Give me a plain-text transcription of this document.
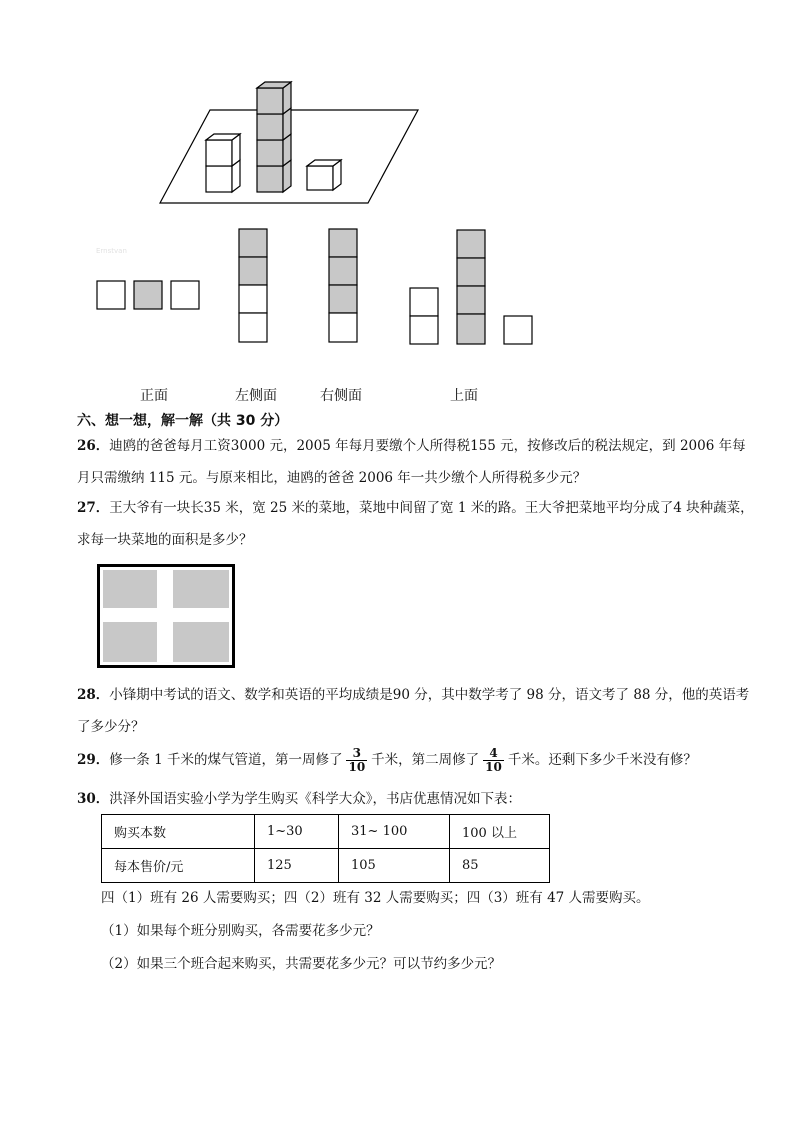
Ernstvan
正面	左侧面	右侧面	上面
六、想一想，解一解（共 30 分）
26．迪鸥的爸爸每月工资3000 元，2005 年每月要缴个人所得税155 元，按修改后的税法规定，到 2006 年每月只需缴纳 115 元。与原来相比，迪鸥的爸爸 2006 年一共少缴个人所得税多少元？
27．王大爷有一块长35 米，宽 25 米的菜地，菜地中间留了宽 1 米的路。王大爷把菜地平均分成了4 块种蔬菜，求每一块菜地的面积是多少？
28．小锋期中考试的语文、数学和英语的平均成绩是90 分，其中数学考了 98 分，语文考了 88 分，他的英语考了多少分？
29．修一条 1 千米的煤气管道，第一周修了 $\frac{3}{10}$ 千米，第二周修了 $\frac{4}{10}$ 千米。还剩下多少千米没有修？
30．洪泽外国语实验小学为学生购买《科学大众》，书店优惠情况如下表：
购买本数	1~30	31~ 100	100 以上
每本售价/元	125	105	85
四（1）班有 26 人需要购买；四（2）班有 32 人需要购买；四（3）班有 47 人需要购买。
（1）如果每个班分别购买，各需要花多少元？
（2）如果三个班合起来购买，共需要花多少元？可以节约多少元？
